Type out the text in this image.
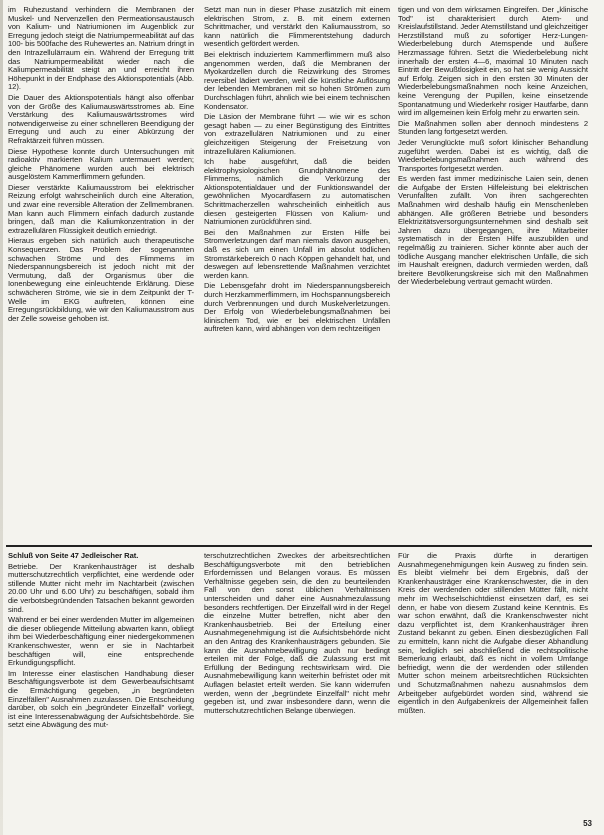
im Ruhezustand verhindern die Membranen der Muskel- und Nervenzellen den Permeationsaustausch von Kalium- und Natriumionen im Augenblick zur Erregung jedoch steigt die Natriumpermeabilität auf das 100- bis 500fache des Ruhewertes an. Natrium dringt in den Intrazellulärraum ein. Während der Erregung tritt das Natriumpermeabilität wieder nach die Kaliumpermeabilität steigt an und erreicht ihren Höhepunkt in der Endphase des Aktionspotentials (Abb. 12).

Die Dauer des Aktionspotentials hängt also offenbar von der Größe des Kaliumauswärtsstromes ab. Eine Verstärkung des Kaliumauswärtsstromes wird notwendigerweise zu einer schnelleren Beendigung der Erregung und auch zu einer Abkürzung der Refraktärzeit führen müssen.

Diese Hypothese konnte durch Untersuchungen mit radioaktiv markierten Kalium untermauert werden; gleiche Phänomene wurden auch bei elektrisch ausgelöstem Kammerflimmern gefunden.

Dieser verstärkte Kaliumausstrom bei elektrischer Reizung erfolgt wahrscheinlich durch eine Alteration, und zwar eine reversible Alteration der Zellmembranen. Man kann auch Flimmern einfach dadurch zustande bringen, daß man die Kaliumkonzentration in der extrazellulären Flüssigkeit deutlich erniedrigt.

Hieraus ergeben sich natürlich auch therapeutische Konsequenzen. Das Problem der sogenannten schwachen Ströme und des Flimmerns im Niederspannungsbereich ist jedoch nicht mit der Vermutung, daß der Organismus über die Ionenbewegung eine einleuchtende Erklärung. Diese schwächeren Ströme, wie sie in dem Zeitpunkt der T-Welle im EKG auftreten, können eine Erregungsrückbildung, wie wir den Kaliumausstrom aus der Zelle soweise gehoben ist.

Setzt man nun in dieser Phase zusätzlich mit einem elektrischen Strom, z. B. mit einem externen Schrittmacher, und verstärkt den Kaliumausstrom, so kann natürlich die Flimmerentstehung dadurch wesentlich gefördert werden.

Bei elektrisch induziertem Kammerflimmern muß also angenommen werden, daß die Membranen der Myokardzellen durch die Reizwirkung des Stromes reversibel lädiert werden, weil die künstliche Auflösung der lebenden Membranen mit so hohen Strömen zum Durchschlagen führt, ähnlich wie bei einem technischen Kondensator.

Die Läsion der Membrane führt — wie wir es schon gesagt haben — zu einer Begünstigung des Eintrittes von extrazellulären Natriumionen und zu einer gleichzeitigen Steigerung der Freisetzung von intrazellulären Kaliumionen.

Ich habe ausgeführt, daß die beiden elektrophysiologischen Grundphänomene des Flimmerns, nämlich die Verkürzung der Aktionspotentialdauer und der Funktionswandel der gewöhnlichen Myocardfasern zu automatischen Schrittmacherzellen wahrscheinlich einheitlich aus diesen gesteigerten Flüssen von Kalium- und Natriumionen zurückführen sind.

Bei den Maßnahmen zur Ersten Hilfe bei Stromverletzungen darf man niemals davon ausgehen, daß es sich um einen Unfall im absolut tödlichen Stromstärkebereich 0 nach Köppen gehandelt hat, und deswegen auf lebensrettende Maßnahmen verzichtet werden kann.

Die Lebensgefahr droht im Niederspannungsbereich durch Herzkammerflimmern, im Hochspannungsbereich durch Verbrennungen und durch Muskelverletzungen. Der Erfolg von Wiederbelebungsmaßnahmen bei klinischem Tod, wie er bei elektrischen Unfällen auftreten kann, wird abhängen von dem rechtzeitigen

tigen und von dem wirksamen Eingreifen. Der „klinische Tod" ist charakterisiert durch Atem- und Kreislaufstillstand. Jeder Atemstillstand und gleichzeitiger Herzstillstand muß zu sofortiger Herz-Lungen-Wiederbelebung durch Atemspende und äußere Herzmassage führen. Setzt die Wiederbelebung nicht innerhalb der ersten 4—6, maximal 10 Minuten nach Eintritt der Bewußtlosigkeit ein, so hat sie wenig Aussicht auf Erfolg. Zeigen sich in den ersten 30 Minuten der Wiederbelebungsmaßnahmen noch keine Anzeichen, keine Verengung der Pupillen, keine einsetzende Spontanatmung und Wiederkehr rosiger Hautfarbe, dann wird im allgemeinen kein Erfolg mehr zu erwarten sein.

Die Maßnahmen sollen aber dennoch mindestens 2 Stunden lang fortgesetzt werden.

Jeder Verunglückte muß sofort klinischer Behandlung zugeführt werden. Dabei ist es wichtig, daß die Wiederbelebungsmaßnahmen auch während des Transportes fortgesetzt werden.

Es werden fast immer medizinische Laien sein, denen die Aufgabe der Ersten Hilfeleistung bei elektrischen Verunfallten zufällt. Von ihren sachgerechten Maßnahmen wird deshalb häufig ein Menschenleben abhängen. Alle größeren Betriebe und besonders Elektrizitätsversorgungsunternehmen sind deshalb seit Jahren dazu übergegangen, ihre Mitarbeiter systematisch in der Ersten Hilfe auszubilden und regelmäßig zu trainieren. Sicher könnte aber auch der tödliche Ausgang mancher elektrischen Unfälle, die sich im Haushalt ereignen, dadurch vermieden werden, daß breitere Bevölkerungskreise sich mit den Maßnahmen der Wiederbelebung vertraut gemacht würden.

Schluß von Seite 47 Jedleischer Rat.

Betriebe. Der Krankenhausträger ist deshalb mutterschutzrechtlich verpflichtet, eine werdende oder stillende Mutter nicht mehr im Nachtarbeit (zwischen 20.00 Uhr und 6.00 Uhr) zu beschäftigen, sobald ihm die verbotsbegründenden Tatsachen bekannt geworden sind.

Während er bei einer werdenden Mutter im allgemeinen die dieser obliegende Mitteilung abwarten kann, obliegt ihm bei Wiederbeschäftigung einer niedergekommenen Krankenschwester, wenn er sie in Nachtarbeit beschäftigen will, eine entsprechende Erkundigungspflicht.

Im Interesse einer elastischen Handhabung dieser Beschäftigungsverbote ist dem Gewerbeaufsichtsamt die Ermächtigung gegeben, „in begründeten Einzelfällen" Ausnahmen zuzulassen. Die Entscheidung darüber, ob solch ein „begründeter Einzelfall" vorliegt, ist eine Interessenabwägung der Aufsichtsbehörde. Sie setzt eine Abwägung des mut-

terschutzrechtlichen Zweckes der arbeitsrechtlichen Beschäftigungsverbote mit den betrieblichen Erfordernissen und Belangen voraus. Es müssen Verhältnisse gegeben sein, die den zu beurteilenden Fall von den sonst üblichen Verhältnissen unterscheiden und daher eine Ausnahmezulassung besonders rechtfertigen. Der Einzelfall wird in der Regel die einzelne Mutter betreffen, nicht aber den Krankenhausbetrieb. Bei der Erteilung einer Ausnahmegenehmigung ist die Aufsichtsbehörde nicht an den Antrag des Krankenhausträgers gebunden. Sie kann die Ausnahmebewilligung auch nur bedingt erteilen mit der Folge, daß die Zulassung erst mit Erfüllung der Bedingung rechtswirksam wird. Die Ausnahmebewilligung kann weiterhin befristet oder mit Auflagen belastet erteilt werden. Sie kann widerrufen werden, wenn der „begründete Einzelfall" nicht mehr gegeben ist, und zwar insbesondere dann, wenn die mutterschutzrechtlichen Belange überwiegen.

Für die Praxis dürfte in derartigen Ausnahmegenehmigungen kein Ausweg zu finden sein. Es bleibt vielmehr bei dem Ergebnis, daß der Krankenhausträger eine Krankenschwester, die in den Kreis der werdenden oder stillenden Mütter fällt, nicht mehr im Wechselschichtdienst einsetzen darf, es sei denn, er habe von diesem Zustand keine Kenntnis. Es war schon erwähnt, daß die Krankenschwester nicht dazu verpflichtet ist, dem Krankenhausträger ihren Zustand bekannt zu geben. Einen diesbezüglichen Fall zu ermitteln, kann nicht die Aufgabe dieser Abhandlung sein, lediglich sei abschließend die rechtspolitische Bemerkung erlaubt, daß es nicht in vollem Umfange befriedigt, wenn die der werdenden oder stillenden Mutter schon meinem arbeitsrechtlichen Rücksichten und Schutzmaßnahmen nahezu ausnahmslos dem Arbeitgeber aufgebürdet worden sind, während sie eigentlich in den Aufgabenkreis der Allgemeinheit fallen müßten.

53
